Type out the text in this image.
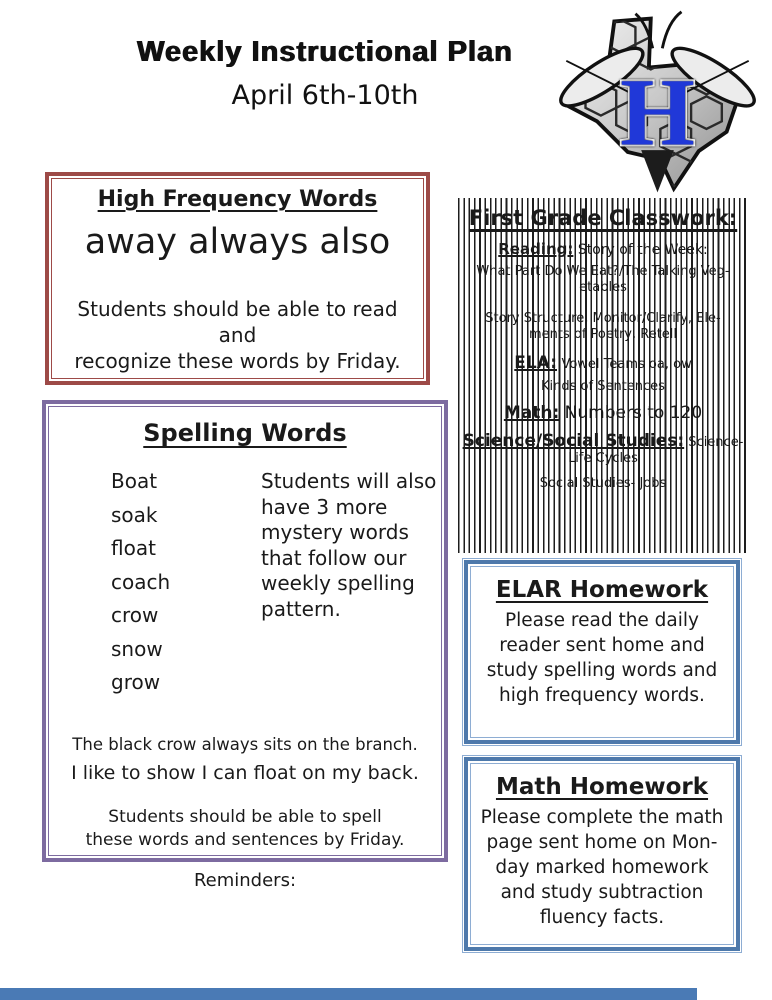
Weekly Instructional Plan
April 6th-10th	H
High Frequency Words
away always also
Students should be able to read and
recognize these words by Friday.
Spelling Words
Boat
soak
float
coach
crow
snow
grow
Students will also have 3 more mystery words that follow our weekly spelling pattern.
The black crow always sits on the branch.
I like to show I can float on my back.
Students should be able to spell
these words and sentences by Friday.
Reminders:
First Grade Classwork:
Reading: Story of the Week:
What Part Do We Eat?/The Talking Veg-
etables
Story Structure, Monitor/Clarify, Ele-
ments of Poetry, Retell
ELA: Vowel Teams oa, ow
Kinds of Sentences
Math: Numbers to 120
Science/Social Studies: Science-
Life Cycles
Social Studies- Jobs
ELAR Homework
Please read the daily
reader sent home and
study spelling words and
high frequency words.
Math Homework
Please complete the math
page sent home on Mon-
day marked homework
and study subtraction
fluency facts.
